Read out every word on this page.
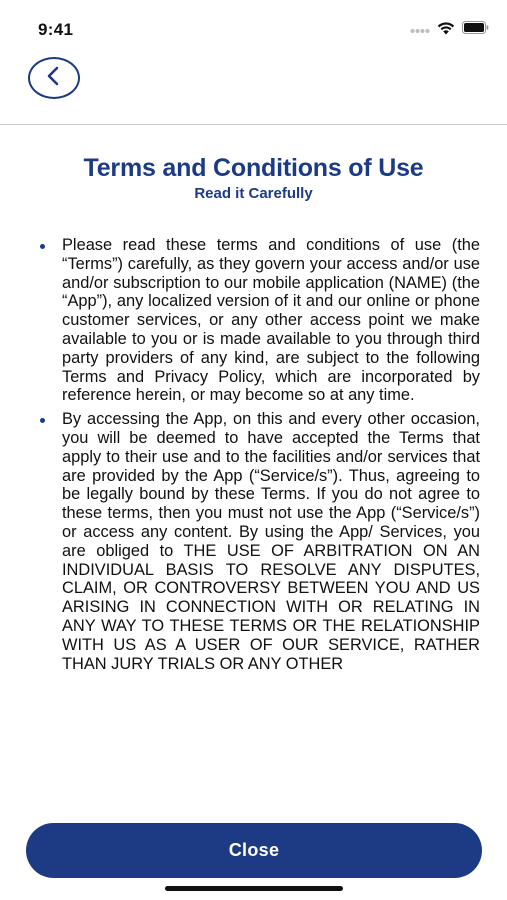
9:41
Terms and Conditions of Use

Read it Carefully

Please read these terms and conditions of use (the “Terms”) carefully, as they govern your access and/or use and/or subscription to our mobile application (NAME) (the “App”), any localized version of it and our online or phone customer services, or any other access point we make available to you or is made available to you through third party providers of any kind, are subject to the following Terms and Privacy Policy, which are incorporated by reference herein, or may become so at any time.
By accessing the App, on this and every other occasion, you will be deemed to have accepted the Terms that apply to their use and to the facilities and/or services that are provided by the App (“Service/s”). Thus, agreeing to be legally bound by these Terms. If you do not agree to these terms, then you must not use the App (“Service/s”) or access any content. By using the App/ Services, you are obliged to THE USE OF ARBITRATION ON AN INDIVIDUAL BASIS TO RESOLVE ANY DISPUTES, CLAIM, OR CONTROVERSY BETWEEN YOU AND US ARISING IN CONNECTION WITH OR RELATING IN ANY WAY TO THESE TERMS OR THE RELATIONSHIP WITH US AS A USER OF OUR SERVICE, RATHER THAN JURY TRIALS OR ANY OTHER
Close
